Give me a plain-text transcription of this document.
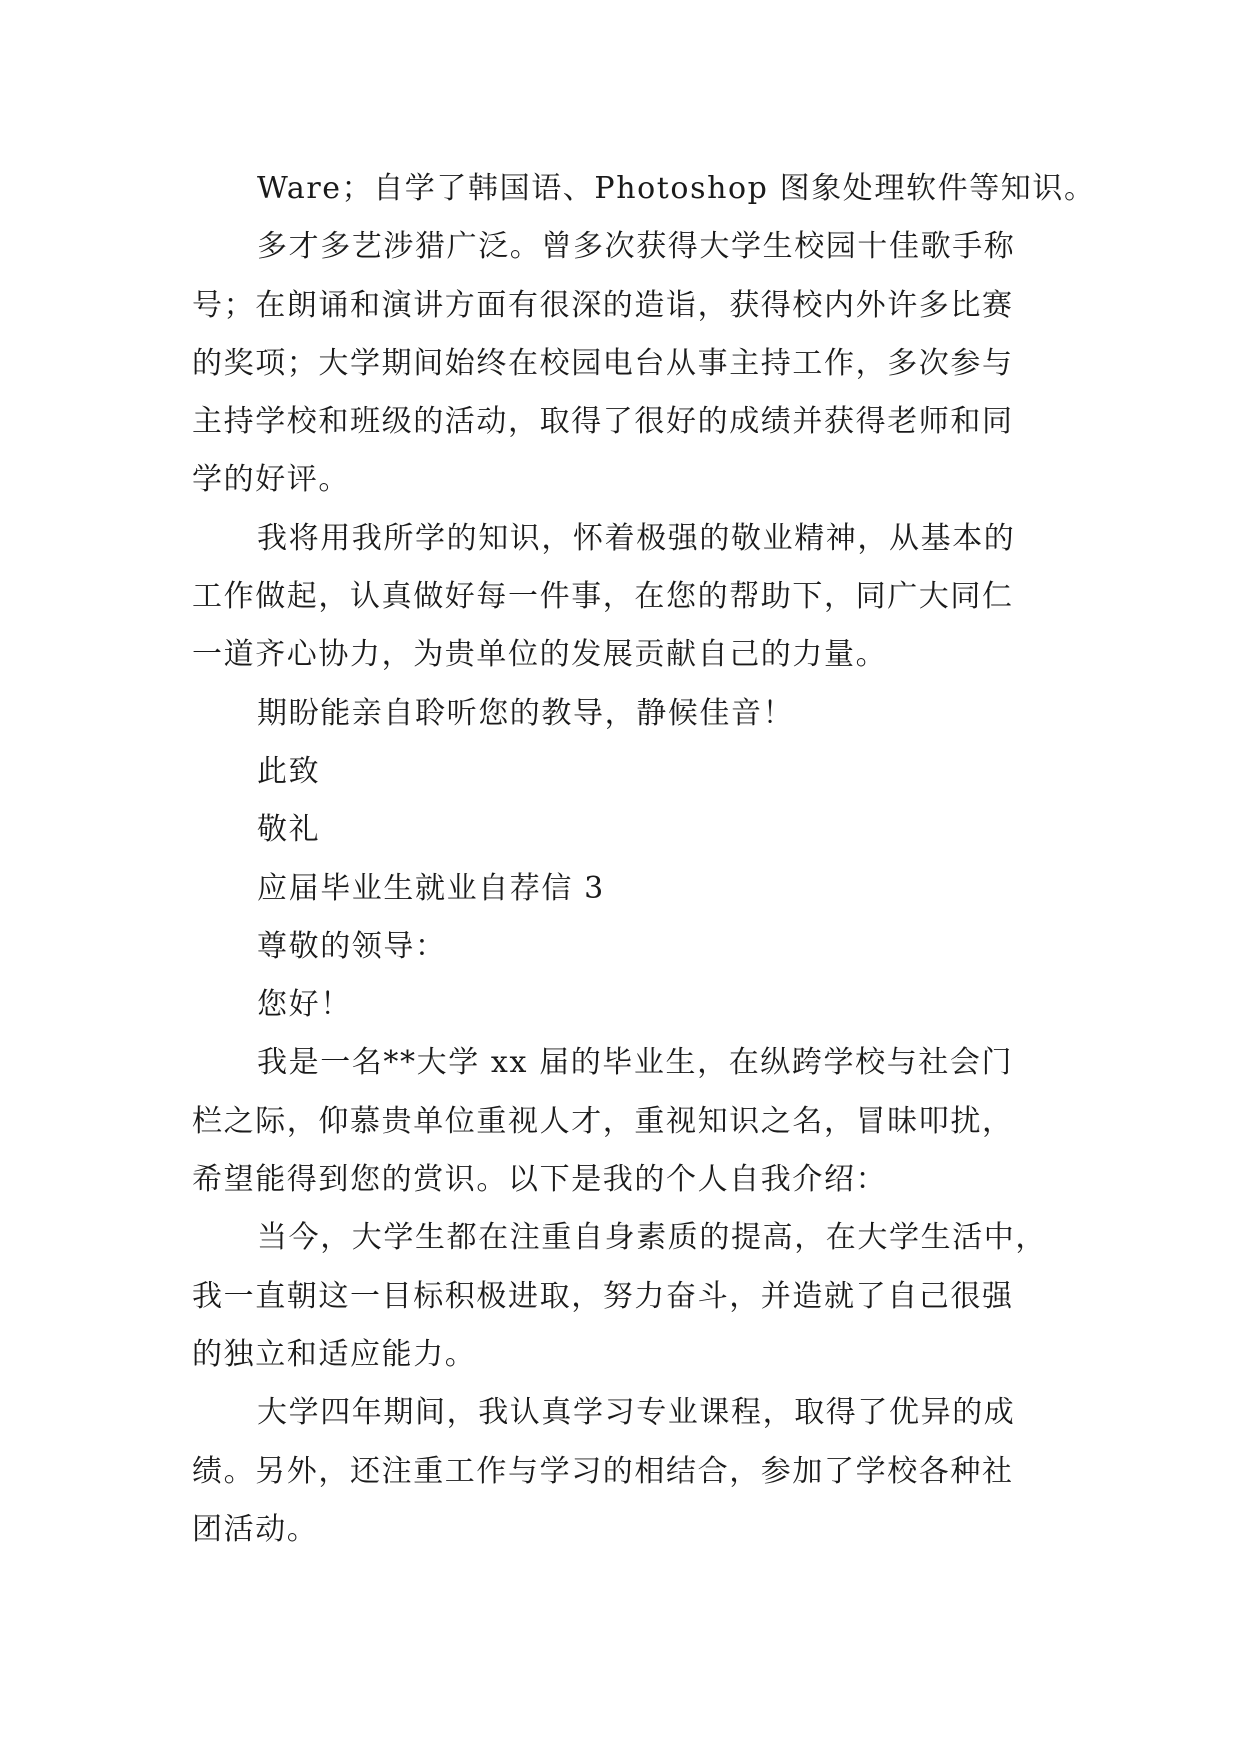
Ware；自学了韩国语、Photoshop 图象处理软件等知识。
多才多艺涉猎广泛。曾多次获得大学生校园十佳歌手称
号；在朗诵和演讲方面有很深的造诣，获得校内外许多比赛
的奖项；大学期间始终在校园电台从事主持工作，多次参与
主持学校和班级的活动，取得了很好的成绩并获得老师和同
学的好评。
我将用我所学的知识，怀着极强的敬业精神，从基本的
工作做起，认真做好每一件事，在您的帮助下，同广大同仁
一道齐心协力，为贵单位的发展贡献自己的力量。
期盼能亲自聆听您的教导，静候佳音！
此致
敬礼
应届毕业生就业自荐信 3
尊敬的领导：
您好！
我是一名**大学 xx 届的毕业生，在纵跨学校与社会门
栏之际，仰慕贵单位重视人才，重视知识之名，冒昧叩扰，
希望能得到您的赏识。以下是我的个人自我介绍：
当今，大学生都在注重自身素质的提高，在大学生活中，
我一直朝这一目标积极进取，努力奋斗，并造就了自己很强
的独立和适应能力。
大学四年期间，我认真学习专业课程，取得了优异的成
绩。另外，还注重工作与学习的相结合，参加了学校各种社
团活动。
